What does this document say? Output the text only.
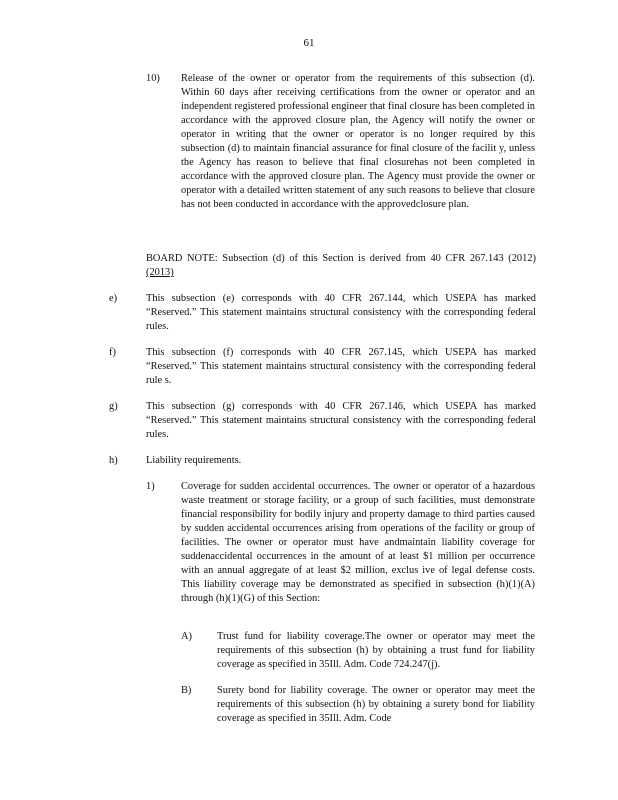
61
10) Release of the owner or operator from the requirements of this subsection (d). Within 60 days after receiving certifications from the owner or operator and an independent registered professional engineer that final closure has been completed in accordance with the approved closure plan, the Agency will notify the owner or operator in writing that the owner or operator is no longer required by this subsection (d) to maintain financial assurance for final closure of the facilit y, unless the Agency has reason to believe that final closurehas not been completed in accordance with the approved closure plan. The Agency must provide the owner or operator with a detailed written statement of any such reasons to believe that closure has not been conducted in accordance with the approvedclosure plan.
BOARD NOTE: Subsection (d) of this Section is derived from 40 CFR 267.143 (2012) (2013)
e)	This subsection (e) corresponds with 40 CFR 267.144, which USEPA has marked “Reserved.” This statement maintains structural consistency with the corresponding federal rules.
f)	This subsection (f) corresponds with 40 CFR 267.145, which USEPA has marked “Reserved.” This statement maintains structural consistency with the corresponding federal rule s.
g)	This subsection (g) corresponds with 40 CFR 267.146, which USEPA has marked “Reserved.” This statement maintains structural consistency with the corresponding federal rules.
h)	Liability requirements.
1)	Coverage for sudden accidental occurrences. The owner or operator of a hazardous waste treatment or storage facility, or a group of such facilities, must demonstrate financial responsibility for bodily injury and property damage to third parties caused by sudden accidental occurrences arising from operations of the facility or group of facilities. The owner or operator must have andmaintain liability coverage for suddenaccidental occurrences in the amount of at least $1 million per occurrence with an annual aggregate of at least $2 million, exclus ive of legal defense costs. This liability coverage may be demonstrated as specified in subsection (h)(1)(A) through (h)(1)(G) of this Section:
A) Trust fund for liability coverage.The owner or operator may meet the requirements of this subsection (h) by obtaining a trust fund for liability coverage as specified in 35Ill. Adm. Code 724.247(j).
B) Surety bond for liability coverage. The owner or operator may meet the requirements of this subsection (h) by obtaining a surety bond for liability coverage as specified in 35Ill. Adm. Code
